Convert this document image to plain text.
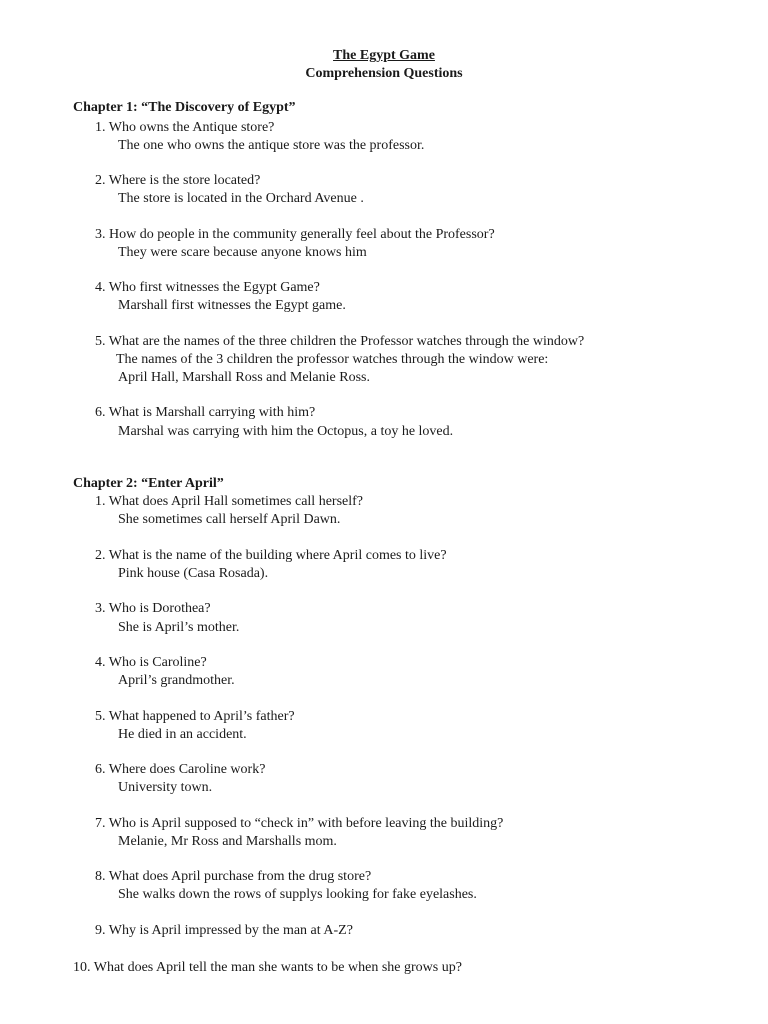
The Egypt Game
Comprehension Questions
Chapter 1: “The Discovery of Egypt”
1. Who owns the Antique store?
The one who owns the antique store was the professor.
2. Where is the store located?
The store is located in the Orchard Avenue .
3. How do people in the community generally feel about the Professor?
They were scare because anyone knows him
4. Who first witnesses the Egypt Game?
Marshall first witnesses the Egypt game.
5. What are the names of the three children the Professor watches through the window?
The names of the 3 children the professor watches through the window were:
April Hall, Marshall Ross and Melanie Ross.
6. What is Marshall carrying with him?
Marshal was carrying with him the Octopus, a toy he loved.
Chapter 2: “Enter April”
1. What does April Hall sometimes call herself?
She sometimes call herself April Dawn.
2. What is the name of the building where April comes to live?
Pink house (Casa Rosada).
3. Who is Dorothea?
She is April’s mother.
4. Who is Caroline?
April’s grandmother.
5. What happened to April’s father?
He died in an accident.
6. Where does Caroline work?
University town.
7. Who is April supposed to “check in” with before leaving the building?
Melanie, Mr Ross and Marshalls mom.
8. What does April purchase from the drug store?
She walks down the rows of supplys looking for fake eyelashes.
9. Why is April impressed by the man at A-Z?
10. What does April tell the man she wants to be when she grows up?
